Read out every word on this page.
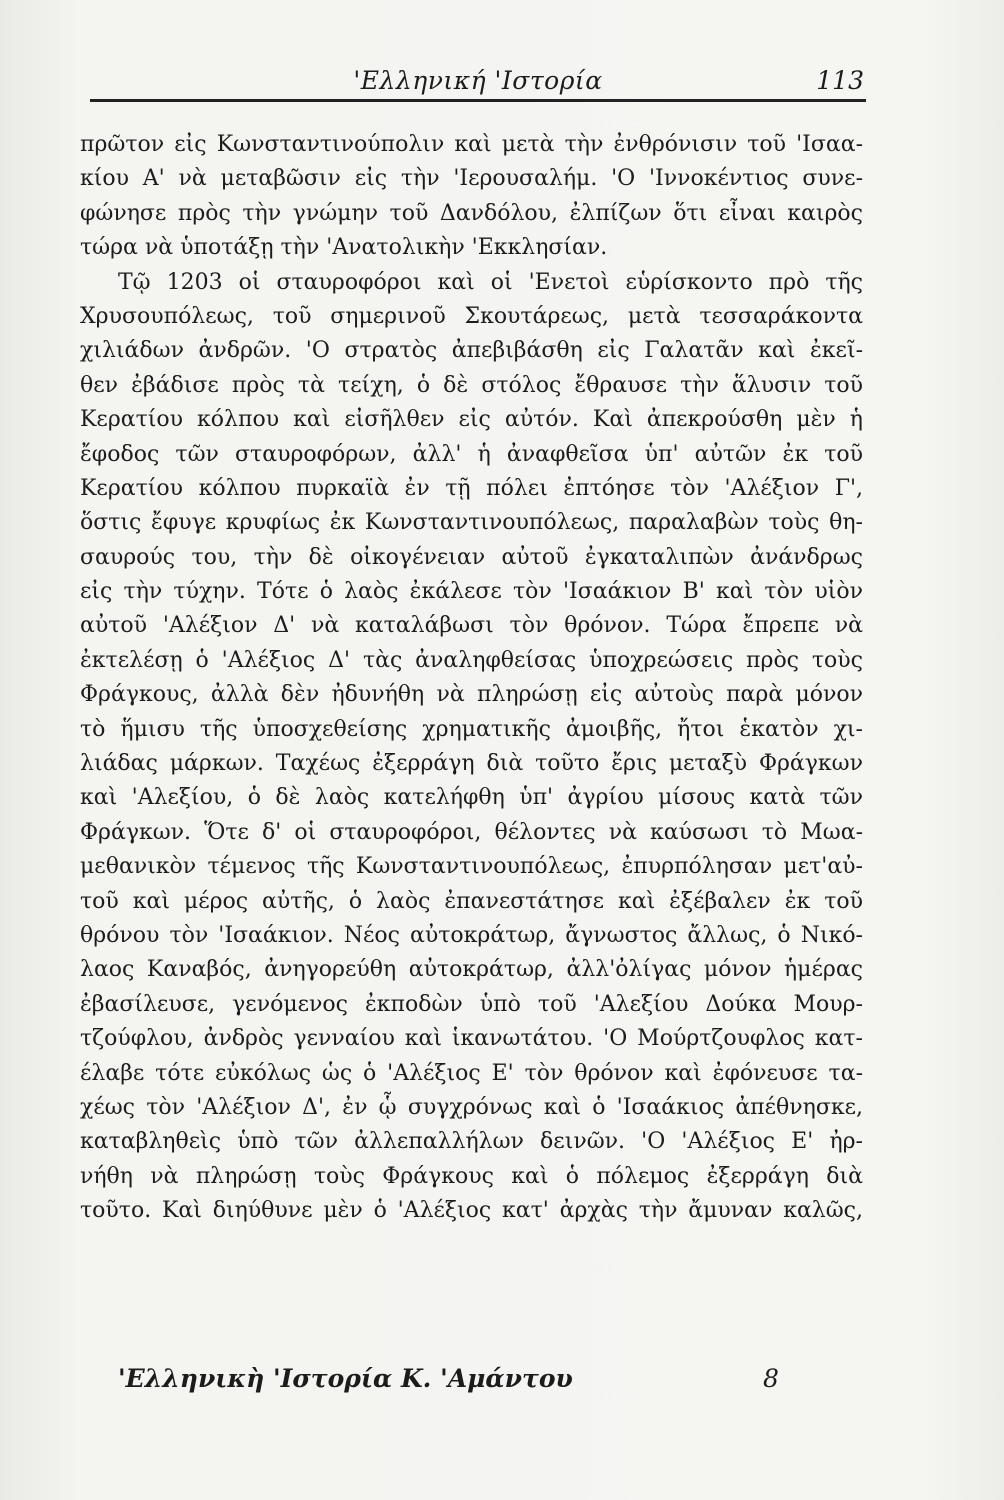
'Ελληνική 'Ιστορία	113
πρῶτον εἰς Κωνσταντινούπολιν καὶ μετὰ τὴν ἐνθρόνισιν τοῦ 'Ισαα-
κίου Α' νὰ μεταβῶσιν εἰς τὴν 'Ιερουσαλήμ. 'Ο 'Ιννοκέντιος συνε-
φώνησε πρὸς τὴν γνώμην τοῦ Δανδόλου, ἐλπίζων ὅτι εἶναι καιρὸς
τώρα νὰ ὑποτάξῃ τὴν 'Ανατολικὴν 'Εκκλησίαν.
Τῷ 1203 οἱ σταυροφόροι καὶ οἱ 'Ενετοὶ εὑρίσκοντο πρὸ τῆς
Χρυσουπόλεως, τοῦ σημερινοῦ Σκουτάρεως, μετὰ τεσσαράκοντα
χιλιάδων ἀνδρῶν. 'Ο στρατὸς ἀπεβιβάσθη εἰς Γαλατᾶν καὶ ἐκεῖ-
θεν ἐβάδισε πρὸς τὰ τείχη, ὁ δὲ στόλος ἔθραυσε τὴν ἅλυσιν τοῦ
Κερατίου κόλπου καὶ εἰσῆλθεν εἰς αὐτόν. Καὶ ἀπεκρούσθη μὲν ἡ
ἔφοδος τῶν σταυροφόρων, ἀλλ' ἡ ἀναφθεῖσα ὑπ' αὐτῶν ἐκ τοῦ
Κερατίου κόλπου πυρκαϊὰ ἐν τῇ πόλει ἐπτόησε τὸν 'Αλέξιον Γ',
ὅστις ἔφυγε κρυφίως ἐκ Κωνσταντινουπόλεως, παραλαβὼν τοὺς θη-
σαυρούς του, τὴν δὲ οἰκογένειαν αὐτοῦ ἐγκαταλιπὼν ἀνάνδρως
εἰς τὴν τύχην. Τότε ὁ λαὸς ἐκάλεσε τὸν 'Ισαάκιον Β' καὶ τὸν υἱὸν
αὐτοῦ 'Αλέξιον Δ' νὰ καταλάβωσι τὸν θρόνον. Τώρα ἔπρεπε νὰ
ἐκτελέσῃ ὁ 'Αλέξιος Δ' τὰς ἀναληφθείσας ὑποχρεώσεις πρὸς τοὺς
Φράγκους, ἀλλὰ δὲν ἠδυνήθη νὰ πληρώσῃ εἰς αὐτοὺς παρὰ μόνον
τὸ ἥμισυ τῆς ὑποσχεθείσης χρηματικῆς ἀμοιβῆς, ἤτοι ἑκατὸν χι-
λιάδας μάρκων. Ταχέως ἐξερράγη διὰ τοῦτο ἔρις μεταξὺ Φράγκων
καὶ 'Αλεξίου, ὁ δὲ λαὸς κατελήφθη ὑπ' ἀγρίου μίσους κατὰ τῶν
Φράγκων. Ὅτε δ' οἱ σταυροφόροι, θέλοντες νὰ καύσωσι τὸ Μωα-
μεθανικὸν τέμενος τῆς Κωνσταντινουπόλεως, ἐπυρπόλησαν μετ'αὐ-
τοῦ καὶ μέρος αὐτῆς, ὁ λαὸς ἐπανεστάτησε καὶ ἐξέβαλεν ἐκ τοῦ
θρόνου τὸν 'Ισαάκιον. Νέος αὐτοκράτωρ, ἄγνωστος ἄλλως, ὁ Νικό-
λαος Καναβός, ἀνηγορεύθη αὐτοκράτωρ, ἀλλ'ὀλίγας μόνον ἡμέρας
ἐβασίλευσε, γενόμενος ἐκποδὼν ὑπὸ τοῦ 'Αλεξίου Δούκα Μουρ-
τζούφλου, ἀνδρὸς γενναίου καὶ ἱκανωτάτου. 'Ο Μούρτζουφλος κατ-
έλαβε τότε εὐκόλως ὡς ὁ 'Αλέξιος Ε' τὸν θρόνον καὶ ἐφόνευσε τα-
χέως τὸν 'Αλέξιον Δ', ἐν ᾧ συγχρόνως καὶ ὁ 'Ισαάκιος ἀπέθνησκε,
καταβληθεὶς ὑπὸ τῶν ἀλλεπαλλήλων δεινῶν. 'Ο 'Αλέξιος Ε' ἠρ-
νήθη νὰ πληρώσῃ τοὺς Φράγκους καὶ ὁ πόλεμος ἐξερράγη διὰ
τοῦτο. Καὶ διηύθυνε μὲν ὁ 'Αλέξιος κατ' ἀρχὰς τὴν ἄμυναν καλῶς,
'Ελληνικὴ 'Ιστορία Κ. 'Αμάντου	8
